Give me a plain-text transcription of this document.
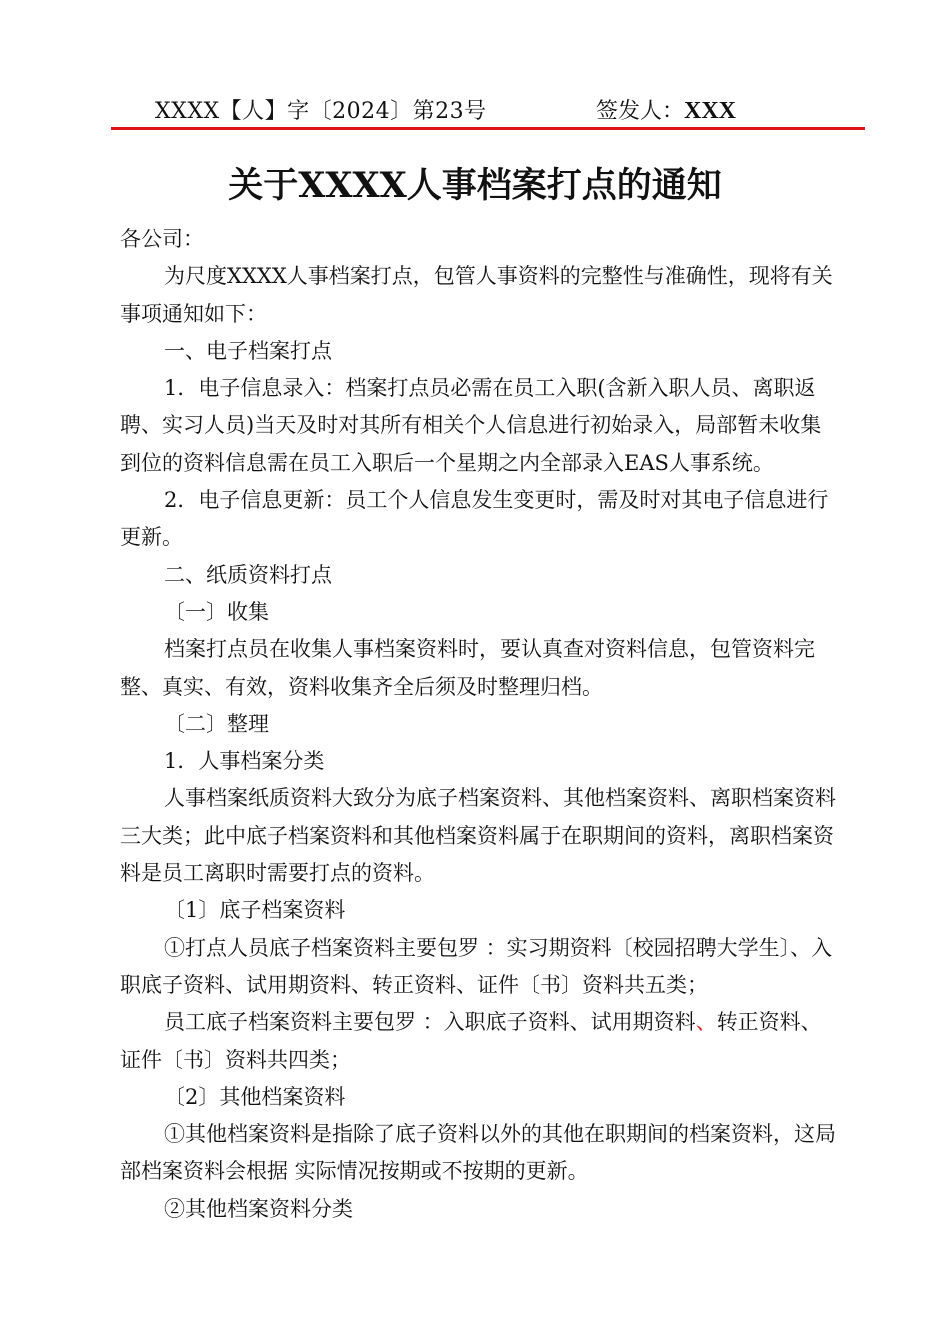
XXXX【人】字〔2024〕第23号	签发人：XXX
关于XXXX人事档案打点的通知

各公司：

为尺度XXXX人事档案打点，包管人事资料的完整性与准确性，现将有关事项通知如下：

一、电子档案打点

1．电子信息录入：档案打点员必需在员工入职(含新入职人员、离职返聘、实习人员)当天及时对其所有相关个人信息进行初始录入，局部暂未收集到位的资料信息需在员工入职后一个星期之内全部录入EAS人事系统。

2．电子信息更新：员工个人信息发生变更时，需及时对其电子信息进行更新。

二、纸质资料打点

〔一〕收集

档案打点员在收集人事档案资料时，要认真查对资料信息，包管资料完整、真实、有效，资料收集齐全后须及时整理归档。

〔二〕整理

1．人事档案分类

人事档案纸质资料大致分为底子档案资料、其他档案资料、离职档案资料三大类；此中底子档案资料和其他档案资料属于在职期间的资料，离职档案资料是员工离职时需要打点的资料。

〔1〕底子档案资料

①打点人员底子档案资料主要包罗 ：实习期资料〔校园招聘大学生〕、入职底子资料、试用期资料、转正资料、证件〔书〕资料共五类；

员工底子档案资料主要包罗 ：入职底子资料、试用期资料、转正资料、证件〔书〕资料共四类；

〔2〕其他档案资料

①其他档案资料是指除了底子资料以外的其他在职期间的档案资料，这局部档案资料会根据 实际情况按期或不按期的更新。

②其他档案资料分类
